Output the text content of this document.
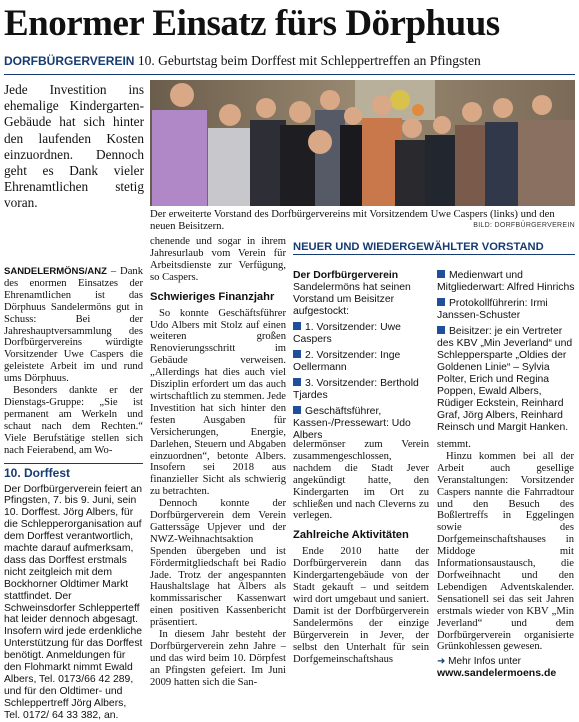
Enormer Einsatz fürs Dörphuus
DORFBÜRGERVEREIN 10. Geburtstag beim Dorffest mit Schleppertreffen an Pfingsten
Jede Investition ins ehemalige Kindergarten-Gebäude hat sich hinter den laufenden Kosten einzuordnen. Dennoch geht es Dank vieler Ehrenamtlichen stetig voran.
Der erweiterte Vorstand des Dorfbürgervereins mit Vorsitzendem Uwe Caspers (links) und den neuen Beisitzern.	BILD: DORFBÜRGERVEREIN

SANDELERMÖNS/ANZ – Dank des enormen Einsatzes der Ehrenamtlichen ist das Dörphuus Sandelermöns gut in Schuss: Bei der Jahreshauptversammlung des Dorfbürgervereins würdigte Vorsitzender Uwe Caspers die geleistete Arbeit im und rund ums Dörphuus.

Besonders dankte er der Dienstags-Gruppe: „Sie ist permanent am Werkeln und schaut nach dem Rechten.“ Viele Berufstätige stellen sich nach Feierabend, am Wo-

10. Dorffest

Der Dorfbürgerverein feiert an Pfingsten, 7. bis 9. Juni, sein 10. Dorffest. Jörg Albers, für die Schlepperorganisation auf dem Dorffest verantwortlich, machte darauf aufmerksam, dass das Dorffest erstmals nicht zeitgleich mit dem Bockhorner Oldtimer Markt stattfindet. Der Schweinsdorfer Schlepperteff hat leider dennoch abgesagt. Insofern wird jede erdenkliche Unterstützung für das Dorffest benötigt. Anmeldungen für den Flohmarkt nimmt Ewald Albers, Tel. 0173/66 42 289, und für den Oldtimer- und Schleppertreff Jörg Albers, Tel. 0172/ 64 33 382, an.

chenende und sogar in ihrem Jahresurlaub vom Verein für Arbeitsdienste zur Verfügung, so Caspers.

Schwieriges Finanzjahr

So konnte Geschäftsführer Udo Albers mit Stolz auf einen weiteren großen Renovierungsschritt im Gebäude verweisen. „Allerdings hat dies auch viel Disziplin erfordert um das auch wirtschaftlich zu stemmen. Jede Investition hat sich hinter den festen Ausgaben für Versicherungen, Energie, Darlehen, Steuern und Abgaben einzuordnen“, betonte Albers. Insofern sei 2018 aus finanzieller Sicht als schwierig zu betrachten.

Dennoch konnte der Dorfbürgerverein dem Verein Gatterssäge Upjever und der NWZ-Weihnachtsaktion Spenden übergeben und ist Fördermitgliedschaft bei Radio Jade. Trotz der angespannten Haushaltslage hat Albers als kommissarischer Kassenwart einen positiven Kassenbericht präsentiert.

In diesem Jahr besteht der Dorfbürgerverein zehn Jahre – und das wird beim 10. Dörpfest an Pfingsten gefeiert. Im Juni 2009 hatten sich die San-

NEUER UND WIEDERGEWÄHLTER VORSTAND
Der Dorfbürgerverein Sandelermöns hat seinen Vorstand um Beisitzer aufgestockt:
1. Vorsitzender: Uwe Caspers
2. Vorsitzender: Inge Oellermann
3. Vorsitzender: Berthold Tjardes
Geschäftsführer, Kassen-/Pressewart: Udo Albers
Medienwart und Mitgliederwart: Alfred Hinrichs
Protokollführerin: Irmi Janssen-Schuster
Beisitzer: je ein Vertreter des KBV „Min Jeverland“ und Schleppersparte „Oldies der Goldenen Linie“ – Sylvia Polter, Erich und Regina Poppen, Ewald Albers, Rüdiger Eckstein, Reinhard Graf, Jörg Albers, Reinhard Reinsch und Margit Hanken.

delermönser zum Verein zusammengeschlossen, nachdem die Stadt Jever angekündigt hatte, den Kindergarten im Ort zu schließen und nach Cleverns zu verlegen.

Zahlreiche Aktivitäten

Ende 2010 hatte der Dorfbürgerverein dann das Kindergartengebäude von der Stadt gekauft – und seitdem wird dort umgebaut und saniert. Damit ist der Dorfbürgerverein Sandelermöns der einzige Bürgerverein in Jever, der selbst den Unterhalt für sein Dorfgemeinschaftshaus

stemmt.

Hinzu kommen bei all der Arbeit auch gesellige Veranstaltungen: Vorsitzender Caspers nannte die Fahrradtour und den Besuch des Boßlertreffs in Eggelingen sowie des Dorfgemeinschaftshauses in Middoge mit Informationsaustausch, die Dorfweihnacht und den Lebendigen Adventskalender. Sensationell sei das seit Jahren erstmals wieder von KBV „Min Jeverland“ und dem Dorfbürgerverein organisierte Grünkohlessen gewesen.

➜ Mehr Infos unter
www.sandelermoens.de
